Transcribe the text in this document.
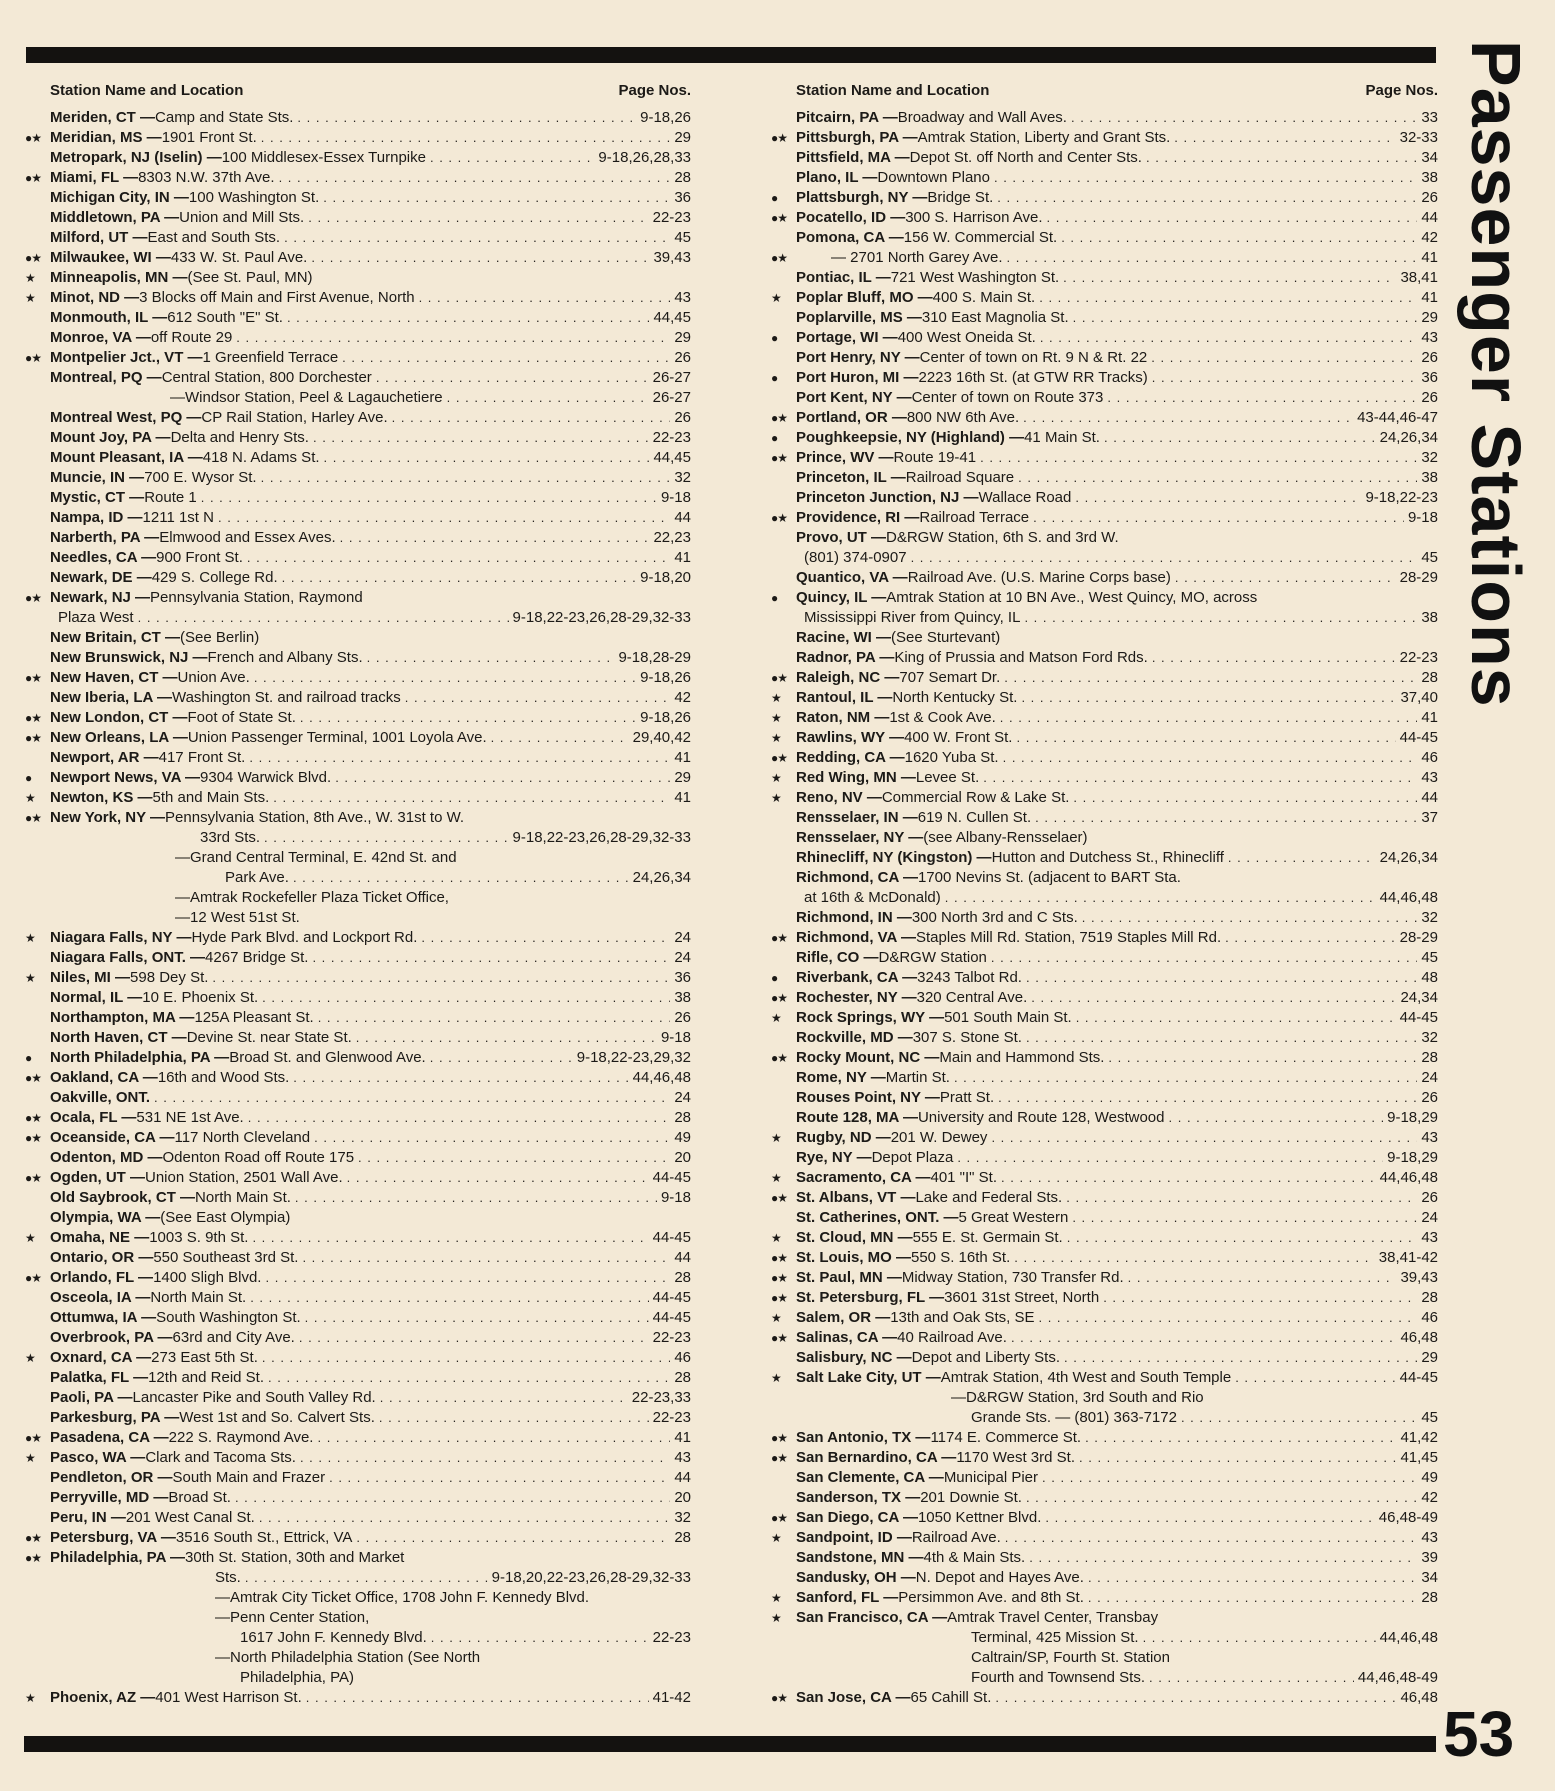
Station Name and Location	Page Nos.
Meriden, CT — Camp and State Sts. . . .	9-18,26
●★ Meridian, MS — 1901 Front St. . . .	29
Metropark, NJ (Iselin) — 100 Middlesex-Essex Turnpike . . .	9-18,26,28,33
●★ Miami, FL — 8303 N.W. 37th Ave. . . .	28
Michigan City, IN — 100 Washington St. . . .	36
Middletown, PA — Union and Mill Sts. . . .	22-23
Milford, UT — East and South Sts. . . .	45
●★ Milwaukee, WI — 433 W. St. Paul Ave. . . .	39,43
★	Minneapolis, MN — (See St. Paul, MN)
★	Minot, ND — 3 Blocks off Main and First Avenue, North . . .	43
Monmouth, IL — 612 South "E" St. . . .	44,45
Monroe, VA — off Route 29 . . .	29
●★ Montpelier Jct., VT — 1 Greenfield Terrace . . .	26
Montreal, PQ — Central Station, 800 Dorchester . . .	26-27
—Windsor Station, Peel & Lagauchetiere . . .	26-27
Montreal West, PQ — CP Rail Station, Harley Ave. . . .	26
Mount Joy, PA — Delta and Henry Sts. . . .	22-23
Mount Pleasant, IA — 418 N. Adams St. . . .	44,45
Muncie, IN — 700 E. Wysor St. . . .	32
Mystic, CT — Route 1 . . .	9-18
Nampa, ID — 1211 1st N . . .	44
Narberth, PA — Elmwood and Essex Aves. . . .	22,23
Needles, CA — 900 Front St. . . .	41
Newark, DE — 429 S. College Rd. . . .	9-18,20
●★ Newark, NJ — Pennsylvania Station, Raymond
Plaza West . . .	9-18,22-23,26,28-29,32-33
New Britain, CT — (See Berlin)
New Brunswick, NJ — French and Albany Sts. . . .	9-18,28-29
●★ New Haven, CT — Union Ave. . . .	9-18,26
New Iberia, LA — Washington St. and railroad tracks . . .	42
●★ New London, CT — Foot of State St. . . .	9-18,26
●★ New Orleans, LA — Union Passenger Terminal, 1001 Loyola Ave. . . .	29,40,42
Newport, AR — 417 Front St. . . .	41
●	Newport News, VA — 9304 Warwick Blvd. . . .	29
★	Newton, KS — 5th and Main Sts. . . .	41
●★ New York, NY — Pennsylvania Station, 8th Ave., W. 31st to W.
33rd Sts. . . .	9-18,22-23,26,28-29,32-33
—Grand Central Terminal, E. 42nd St. and
Park Ave. . . .	24,26,34
—Amtrak Rockefeller Plaza Ticket Office,
—12 West 51st St.
★	Niagara Falls, NY — Hyde Park Blvd. and Lockport Rd. . . .	24
Niagara Falls, ONT. — 4267 Bridge St. . . .	24
★	Niles, MI — 598 Dey St. . . .	36
Normal, IL — 10 E. Phoenix St. . . .	38
Northampton, MA — 125A Pleasant St. . . .	26
North Haven, CT — Devine St. near State St. . . .	9-18
●	North Philadelphia, PA — Broad St. and Glenwood Ave. . . .	9-18,22-23,29,32
●★ Oakland, CA — 16th and Wood Sts. . . .	44,46,48
Oakville, ONT. . . .	24
●★ Ocala, FL — 531 NE 1st Ave. . . .	28
●★ Oceanside, CA — 117 North Cleveland . . .	49
Odenton, MD — Odenton Road off Route 175 . . .	20
●★ Ogden, UT — Union Station, 2501 Wall Ave. . . .	44-45
Old Saybrook, CT — North Main St. . . .	9-18
Olympia, WA — (See East Olympia)
★	Omaha, NE — 1003 S. 9th St. . . .	44-45
Ontario, OR — 550 Southeast 3rd St. . . .	44
●★ Orlando, FL — 1400 Sligh Blvd. . . .	28
Osceola, IA — North Main St. . . .	44-45
Ottumwa, IA — South Washington St. . . .	44-45
Overbrook, PA — 63rd and City Ave. . . .	22-23
★	Oxnard, CA — 273 East 5th St. . . .	46
Palatka, FL — 12th and Reid St. . . .	28
Paoli, PA — Lancaster Pike and South Valley Rd. . . .	22-23,33
Parkesburg, PA — West 1st and So. Calvert Sts. . . .	22-23
●★ Pasadena, CA — 222 S. Raymond Ave. . . .	41
★	Pasco, WA — Clark and Tacoma Sts. . . .	43
Pendleton, OR — South Main and Frazer . . .	44
Perryville, MD — Broad St. . . .	20
Peru, IN — 201 West Canal St. . . .	32
●★ Petersburg, VA — 3516 South St., Ettrick, VA . . .	28
●★ Philadelphia, PA — 30th St. Station, 30th and Market
Sts. . . .	9-18,20,22-23,26,28-29,32-33
—Amtrak City Ticket Office, 1708 John F. Kennedy Blvd.
—Penn Center Station,
1617 John F. Kennedy Blvd. . . .	22-23
—North Philadelphia Station (See North
Philadelphia, PA)
★	Phoenix, AZ — 401 West Harrison St. . . .	41-42
Station Name and Location	Page Nos.
Pitcairn, PA — Broadway and Wall Aves. . . .	33
●★ Pittsburgh, PA — Amtrak Station, Liberty and Grant Sts. . . .	32-33
Pittsfield, MA — Depot St. off North and Center Sts. . . .	34
Plano, IL — Downtown Plano . . .	38
●	Plattsburgh, NY — Bridge St. . . .	26
●★ Pocatello, ID — 300 S. Harrison Ave. . . .	44
Pomona, CA — 156 W. Commercial St. . . .	42
●★	— 2701 North Garey Ave. . . .	41
Pontiac, IL — 721 West Washington St. . . .	38,41
★	Poplar Bluff, MO — 400 S. Main St. . . .	41
Poplarville, MS — 310 East Magnolia St. . . .	29
●	Portage, WI — 400 West Oneida St. . . .	43
Port Henry, NY — Center of town on Rt. 9 N & Rt. 22 . . .	26
●	Port Huron, MI — 2223 16th St. (at GTW RR Tracks) . . .	36
Port Kent, NY — Center of town on Route 373 . . .	26
●★ Portland, OR — 800 NW 6th Ave. . . .	43-44,46-47
●	Poughkeepsie, NY (Highland) — 41 Main St. . . .	24,26,34
●★ Prince, WV — Route 19-41 . . .	32
Princeton, IL — Railroad Square . . .	38
Princeton Junction, NJ — Wallace Road . . .	9-18,22-23
●★ Providence, RI — Railroad Terrace . . .	9-18
Provo, UT — D&RGW Station, 6th S. and 3rd W.
(801) 374-0907 . . .	45
Quantico, VA — Railroad Ave. (U.S. Marine Corps base) . . .	28-29
●	Quincy, IL — Amtrak Station at 10 BN Ave., West Quincy, MO, across
Mississippi River from Quincy, IL . . .	38
Racine, WI — (See Sturtevant)
Radnor, PA — King of Prussia and Matson Ford Rds. . . .	22-23
●★ Raleigh, NC — 707 Semart Dr. . . .	28
★	Rantoul, IL — North Kentucky St. . . .	37,40
★	Raton, NM — 1st & Cook Ave. . . .	41
★	Rawlins, WY — 400 W. Front St. . . .	44-45
●★ Redding, CA — 1620 Yuba St. . . .	46
★	Red Wing, MN — Levee St. . . .	43
★	Reno, NV — Commercial Row & Lake St. . . .	44
Rensselaer, IN — 619 N. Cullen St. . . .	37
Rensselaer, NY — (see Albany-Rensselaer)
Rhinecliff, NY (Kingston) — Hutton and Dutchess St., Rhinecliff . . .	24,26,34
Richmond, CA — 1700 Nevins St. (adjacent to BART Sta.
at 16th & McDonald) . . .	44,46,48
Richmond, IN — 300 North 3rd and C Sts. . . .	32
●★ Richmond, VA — Staples Mill Rd. Station, 7519 Staples Mill Rd. . . .	28-29
Rifle, CO — D&RGW Station . . .	45
●	Riverbank, CA — 3243 Talbot Rd. . . .	48
●★ Rochester, NY — 320 Central Ave. . . .	24,34
★	Rock Springs, WY — 501 South Main St. . . .	44-45
Rockville, MD — 307 S. Stone St. . . .	32
●★ Rocky Mount, NC — Main and Hammond Sts. . . .	28
Rome, NY — Martin St. . . .	24
Rouses Point, NY — Pratt St. . . .	26
Route 128, MA — University and Route 128, Westwood . . .	9-18,29
★	Rugby, ND — 201 W. Dewey . . .	43
Rye, NY — Depot Plaza . . .	9-18,29
★	Sacramento, CA — 401 "I" St. . . .	44,46,48
●★ St. Albans, VT — Lake and Federal Sts. . . .	26
St. Catherines, ONT. — 5 Great Western . . .	24
★	St. Cloud, MN — 555 E. St. Germain St. . . .	43
●★ St. Louis, MO — 550 S. 16th St. . . .	38,41-42
●★ St. Paul, MN — Midway Station, 730 Transfer Rd. . . .	39,43
●★ St. Petersburg, FL — 3601 31st Street, North . . .	28
★	Salem, OR — 13th and Oak Sts, SE . . .	46
●★ Salinas, CA — 40 Railroad Ave. . . .	46,48
Salisbury, NC — Depot and Liberty Sts. . . .	29
★	Salt Lake City, UT — Amtrak Station, 4th West and South Temple . . .	44-45
—D&RGW Station, 3rd South and Rio
Grande Sts. — (801) 363-7172 . . .	45
●★ San Antonio, TX — 1174 E. Commerce St. . . .	41,42
●★ San Bernardino, CA — 1170 West 3rd St. . . .	41,45
San Clemente, CA — Municipal Pier . . .	49
Sanderson, TX — 201 Downie St. . . .	42
●★ San Diego, CA — 1050 Kettner Blvd. . . .	46,48-49
★	Sandpoint, ID — Railroad Ave. . . .	43
Sandstone, MN — 4th & Main Sts. . . .	39
Sandusky, OH — N. Depot and Hayes Ave. . . .	34
★	Sanford, FL — Persimmon Ave. and 8th St. . . .	28
★	San Francisco, CA — Amtrak Travel Center, Transbay
Terminal, 425 Mission St. . . .	44,46,48
Caltrain/SP, Fourth St. Station
Fourth and Townsend Sts. . . .	44,46,48-49
●★ San Jose, CA — 65 Cahill St. . . .	46,48
Passenger Stations
53
